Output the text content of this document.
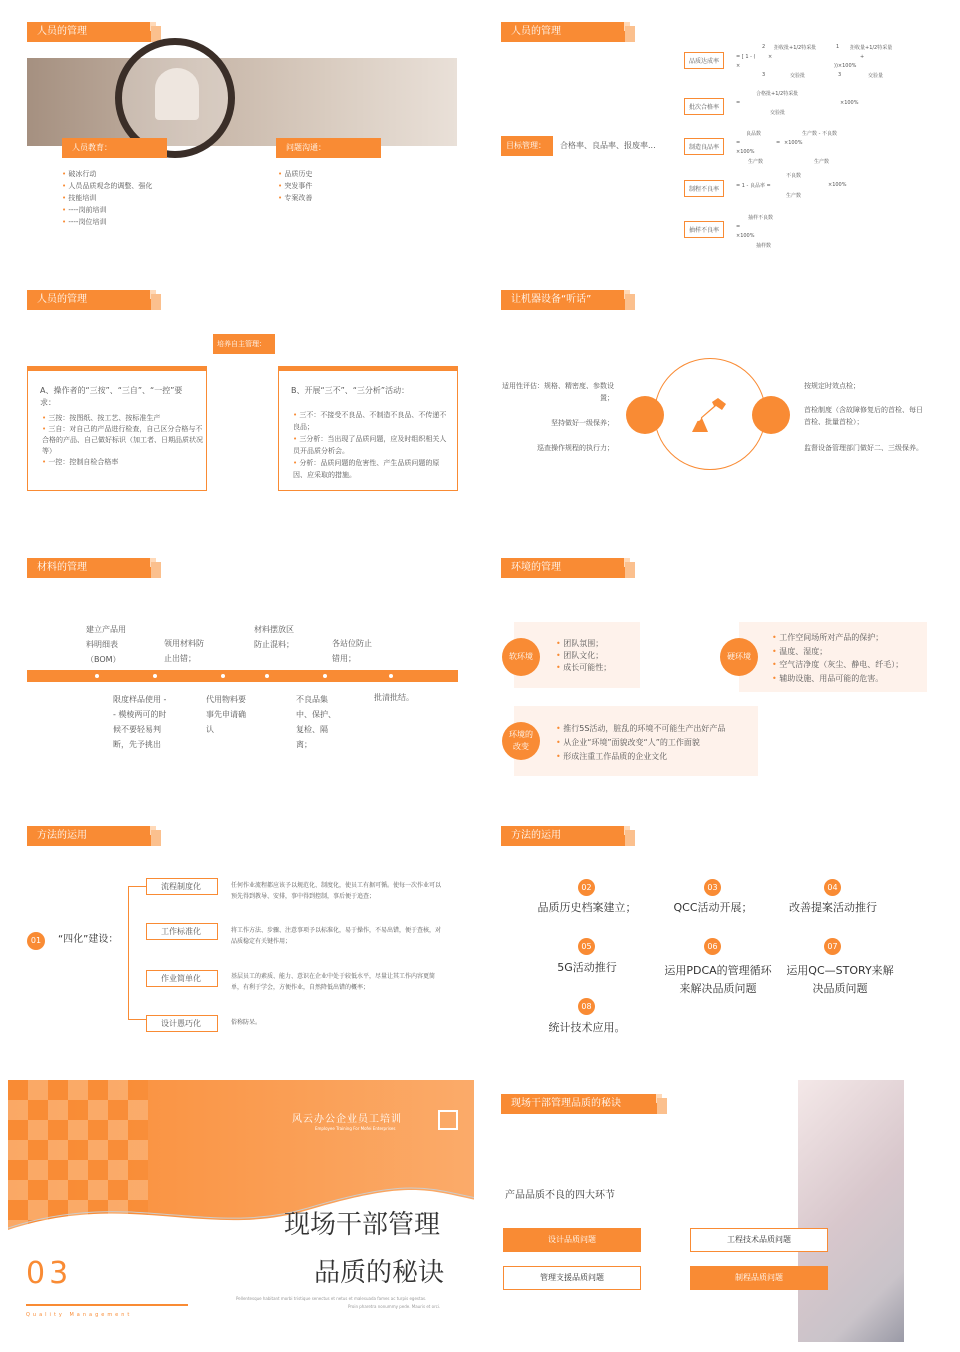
人员的管理
人员教育：	问题沟通：
• 破冰行动
• 人员品质观念的调整、强化
• 技能培训
• ----岗前培训
• ----岗位培训
• 品质历史
• 突发事件
• 专案改善
人员的管理
目标管理：	合格率、良品率、报废率...
品质达成率
批次合格率
制造良品率
制程不良率
抽样不良率
2 拒收批+1/2特采批	1 拒收量+1/2特采量
= [ 1 - (	×	+
×	))×100%
3	交验批	3	交验量
合格批+1/2特采批
=	×100%
交验批
良品数	生产数 - 不良数
=	= ×100%
×100%
生产数	生产数
不良数
= 1 - 良品率 =	×100%
生产数
抽样不良数
=
×100%
抽样数
人员的管理
培养自主管理：
A、操作者的“三按”、“三自”、“一控”要求：
• 三按：按图纸、按工艺、按标准生产
• 三自：对自己的产品进行检查，自己区分合格与不合格的产品、自己做好标识（加工者、日期品质状况等）
• 一控：控制自检合格率
B、开展“三不”、“三分析”活动：
• 三不：不接受不良品、不制造不良品、不传递不良品；
• 三分析：当出现了品质问题，应及时组织相关人员开品质分析会。
• 分析：品质问题的危害性、产生品质问题的原因、应采取的措施。
让机器设备“听话”
适用性评估：规格、精密度、参数设置；
坚持做好一级保养；
巡查操作规程的执行力；
按规定时效点检；
首检制度（含故障修复后的首检、每日首检、批量首检）；
监督设备管理部门做好二、三级保养。
材料的管理
建立产品用料明细表（BOM）
领用材料防止出错；
材料摆放区防止混料；	各站位防止错用；
限度样品使用 - - 模棱两可的时候不要轻易判断，先予挑出
代用物料要事先申请确认
不良品集中、保护、复检、隔离；
批清批结。
环境的管理
软环境
• 团队氛围；
• 团队文化；
• 成长可能性；
硬环境
• 工作空间场所对产品的保护；
• 温度、湿度；
• 空气洁净度（灰尘、静电、纤毛）；
• 辅助设施、用品可能的危害。
环境的改变
• 推行5S活动，脏乱的环境不可能生产出好产品
• 从企业“环境”面貌改变“人”的工作面貌
• 形成注重工作品质的企业文化
方法的运用
01	“四化”建设：
流程制度化
工作标准化
作业简单化
设计愚巧化
任何作业流程都应该予以规范化、制度化，使员工有据可循。使每一次作业可以预先得到教导、安排，事中得到控制，事后便于追查；
将工作方法、步骤、注意事项予以标准化，易于操作，不易出错，便于查核，对品质稳定有关键作用；
基层员工的素质、能力、意识在企业中处于较低水平，尽量让其工作内容更简单，有利于学会，方便作业，自然降低出错的概率；
俗称防呆。
方法的运用
02
品质历史档案建立；
03
QCC活动开展；
04
改善提案活动推行
05
5G活动推行
06
运用PDCA的管理循环来解决品质问题
07
运用QC—STORY来解决品质问题
08
统计技术应用。
风云办公企业员工培训
Employee Training For Mofei Enterprises
现场干部管理
品质的秘诀
03
Quality Management
Pellentesque habitant morbi tristique senectus et netus et malesuada fames ac turpis egestas.
Proin pharetra nonummy pede. Mauris et orci.
现场干部管理品质的秘诀
产品品质不良的四大环节
设计品质问题	工程技术品质问题
管理支援品质问题	制程品质问题
